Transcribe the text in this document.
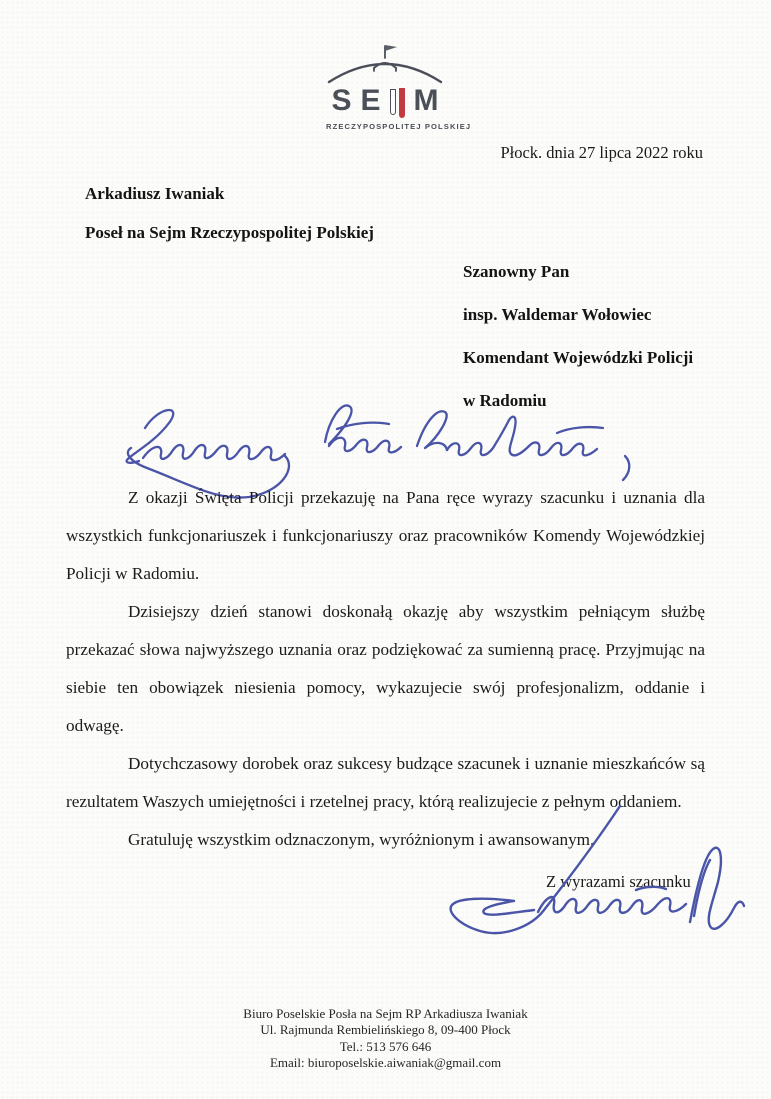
SE M
RZECZYPOSPOLITEJ POLSKIEJ
Płock. dnia 27 lipca 2022 roku
Arkadiusz Iwaniak
Poseł na Sejm Rzeczypospolitej Polskiej
Szanowny Pan
insp. Waldemar Wołowiec
Komendant Wojewódzki Policji
w Radomiu

Z okazji Święta Policji przekazuję na Pana ręce wyrazy szacunku i uznania dla wszystkich funkcjonariuszek i funkcjonariuszy oraz pracowników Komendy Wojewódzkiej Policji w Radomiu.

Dzisiejszy dzień stanowi doskonałą okazję aby wszystkim pełniącym służbę przekazać słowa najwyższego uznania oraz podziękować za sumienną pracę. Przyjmując na siebie ten obowiązek niesienia pomocy, wykazujecie swój profesjonalizm, oddanie i odwagę.

Dotychczasowy dorobek oraz sukcesy budzące szacunek i uznanie mieszkańców są rezultatem Waszych umiejętności i rzetelnej pracy, którą realizujecie z pełnym oddaniem.

Gratuluję wszystkim odznaczonym, wyróżnionym i awansowanym.

Z wyrazami szacunku
Biuro Poselskie Posła na Sejm RP Arkadiusza Iwaniak
Ul. Rajmunda Rembielińskiego 8, 09-400 Płock
Tel.: 513 576 646
Email: biuroposelskie.aiwaniak@gmail.com
